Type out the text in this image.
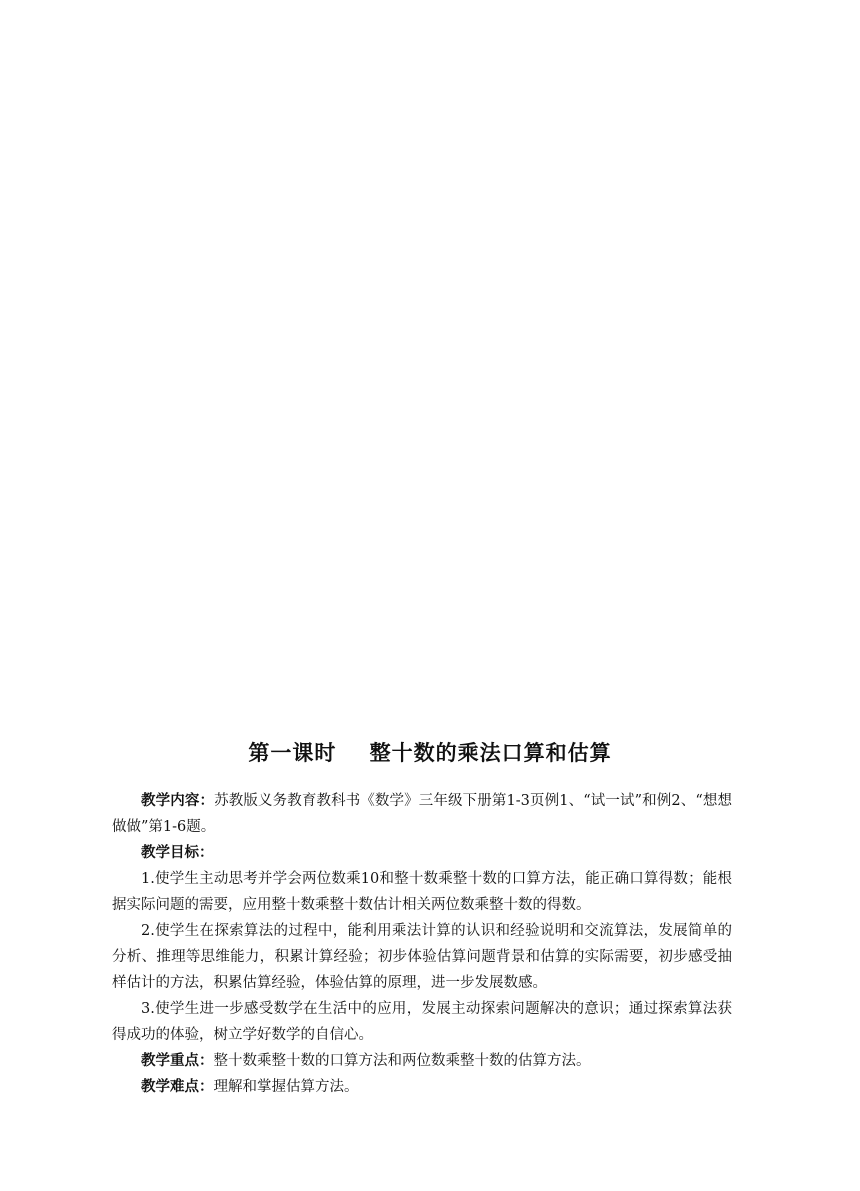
第一课时    整十数的乘法口算和估算

教学内容：苏教版义务教育教科书《数学》三年级下册第1-3页例1、“试一试”和例2、“想想做做”第1-6题。

教学目标：

1.使学生主动思考并学会两位数乘10和整十数乘整十数的口算方法，能正确口算得数；能根据实际问题的需要，应用整十数乘整十数估计相关两位数乘整十数的得数。

2.使学生在探索算法的过程中，能利用乘法计算的认识和经验说明和交流算法，发展简单的分析、推理等思维能力，积累计算经验；初步体验估算问题背景和估算的实际需要，初步感受抽样估计的方法，积累估算经验，体验估算的原理，进一步发展数感。

3.使学生进一步感受数学在生活中的应用，发展主动探索问题解决的意识；通过探索算法获得成功的体验，树立学好数学的自信心。

教学重点：整十数乘整十数的口算方法和两位数乘整十数的估算方法。

教学难点：理解和掌握估算方法。
